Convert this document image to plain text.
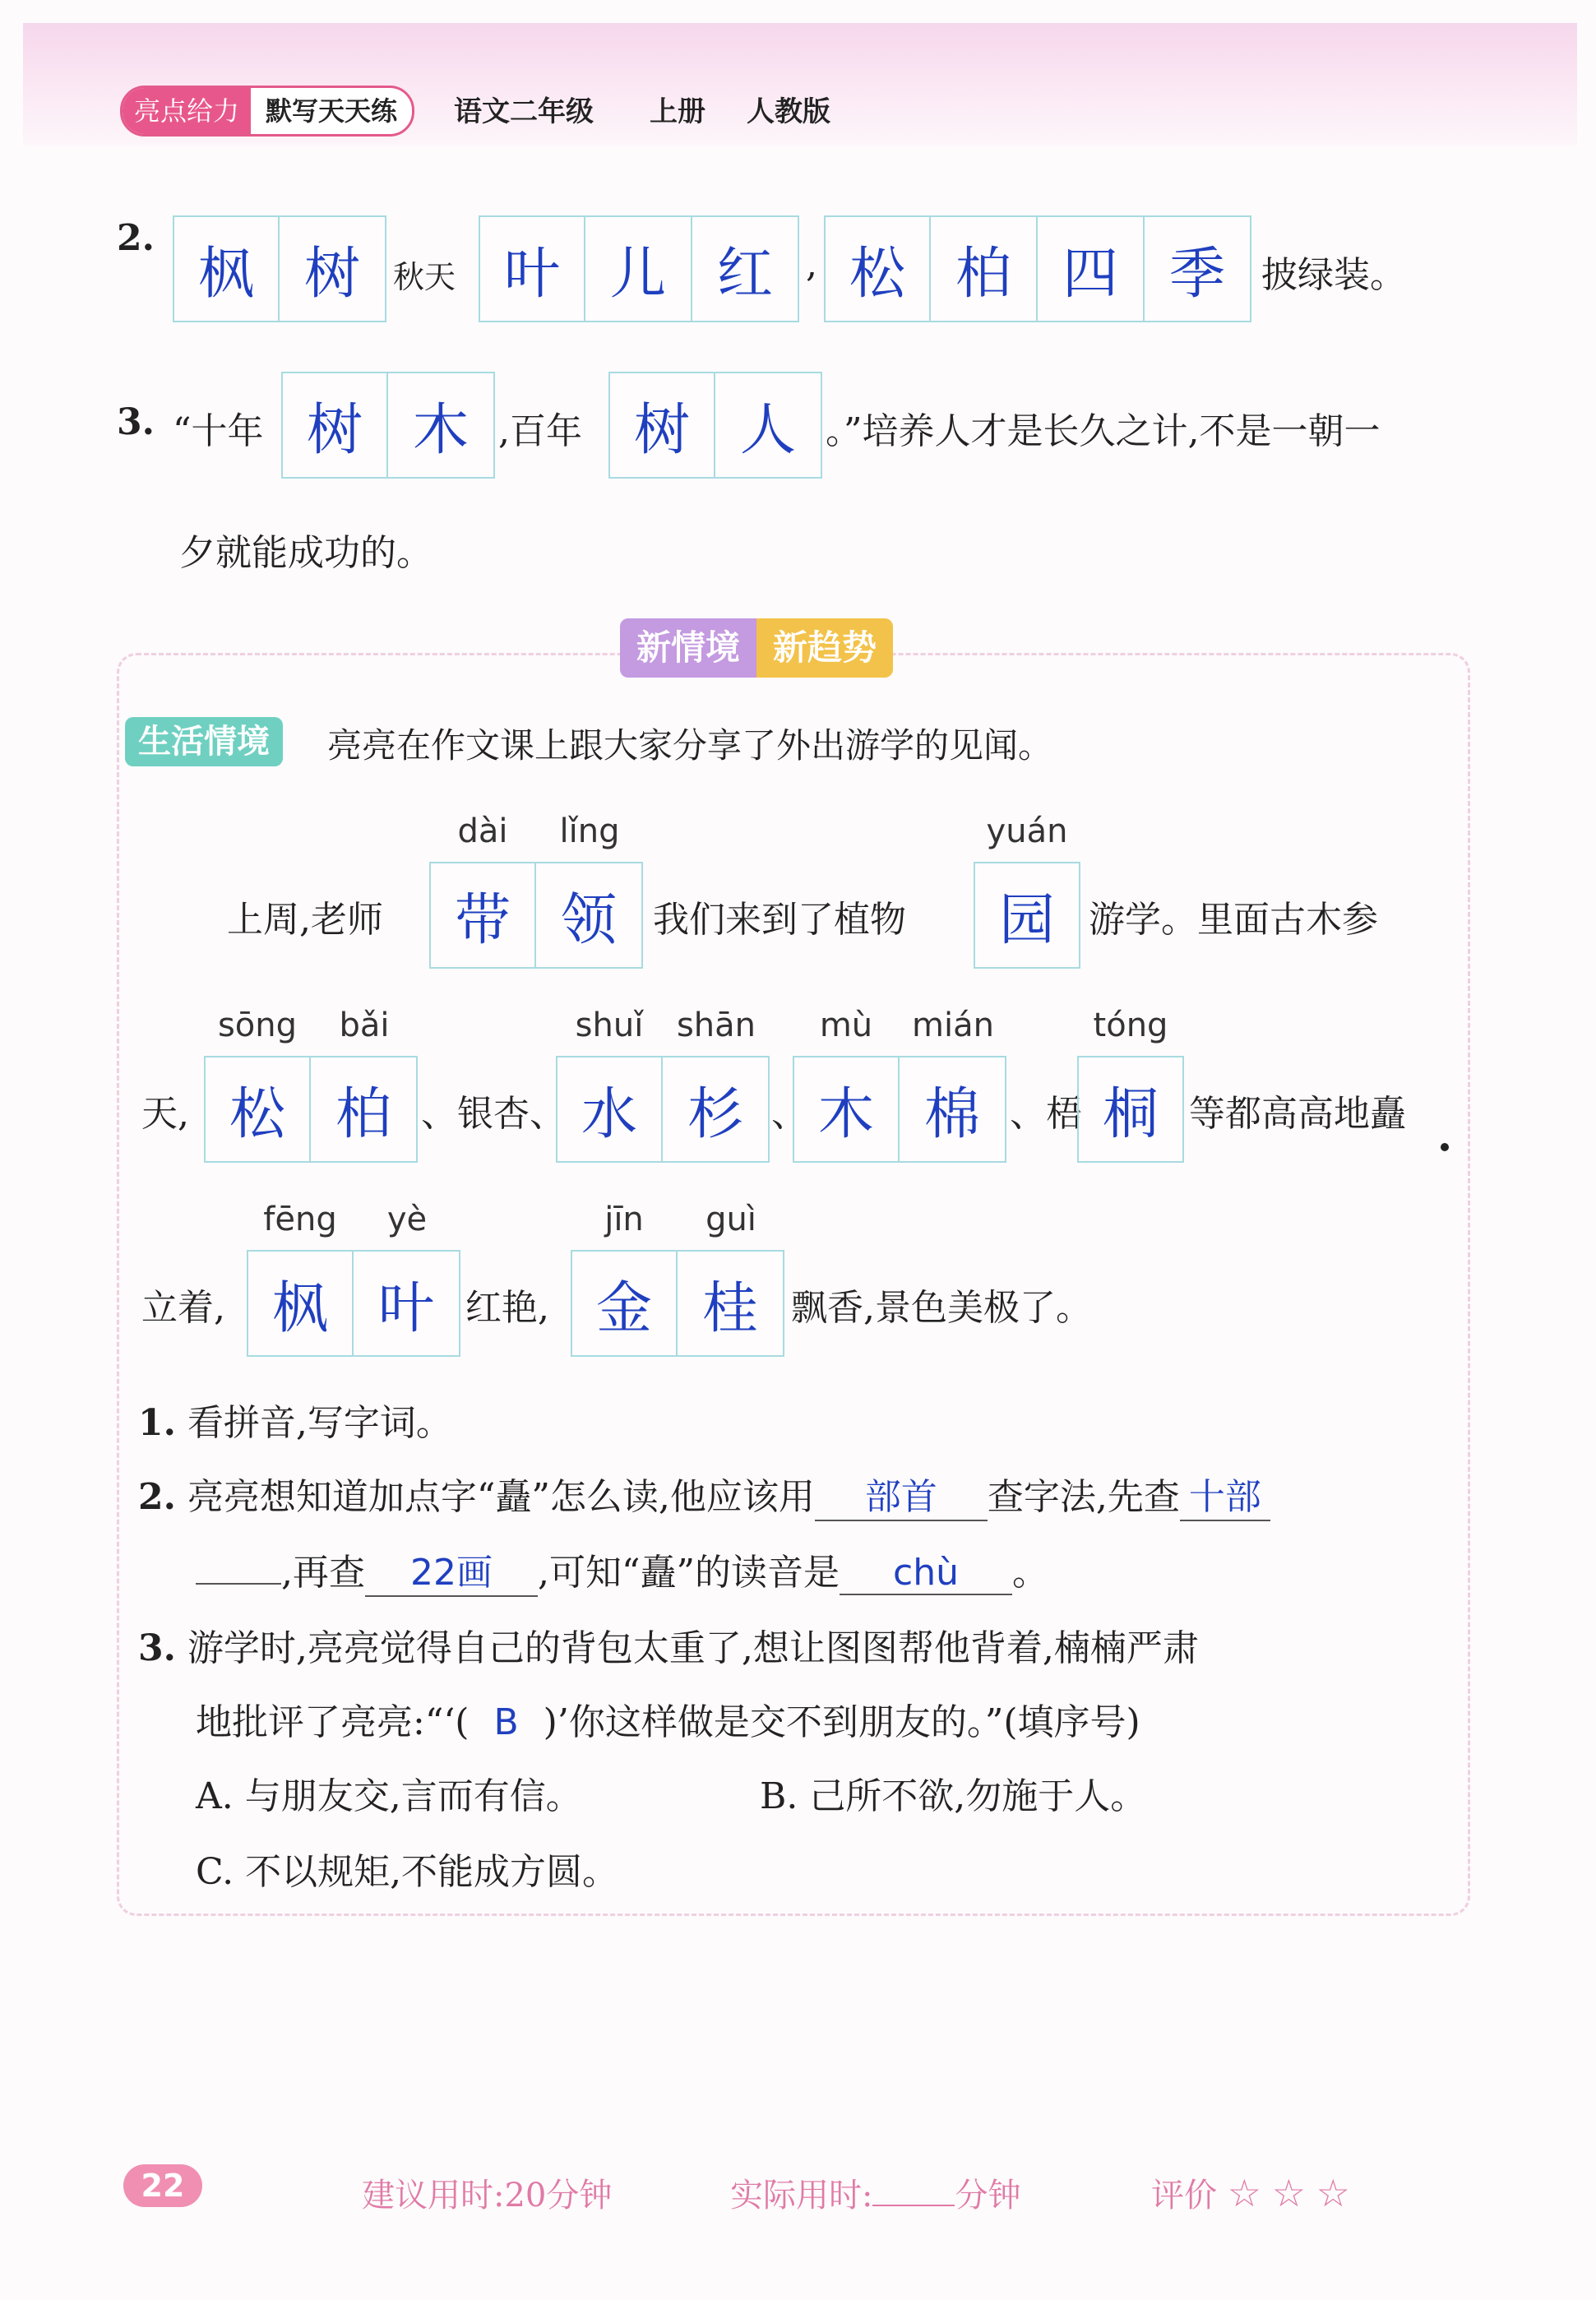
亮点给力	默写天天练	语文二年级 上册 人教版
2.
枫 树	秋天 叶 儿 红 , 松 柏 四 季	披绿装。
3. “十年 树 木 ,百年 树 人 。”培养人才是长久之计,不是一朝一
夕就能成功的。
新情境 新趋势
生活情境	亮亮在作文课上跟大家分享了外出游学的见闻。
dài	lǐng
上周,老师	带 领	我们来到了植物
yuán
园 游学。里面古木参
sōng	bǎi	shuǐ	shān	mù	mián	tóng
天, 松 柏 、银杏、 水 杉 、 木 棉 、梧 桐 等都高高地矗
fēng	yè	jīn	guì
立着, 枫 叶 红艳, 金 桂 飘香,景色美极了。
1. 看拼音,写字词。
2. 亮亮想知道加点字“矗”怎么读,他应该用 部首 查字法,先查 十部
,再查 22画 ,可知“矗”的读音是 chù 。
3. 游学时,亮亮觉得自己的背包太重了,想让图图帮他背着,楠楠严肃
地批评了亮亮:“‘( B )’你这样做是交不到朋友的。”(填序号)
A. 与朋友交,言而有信。	B. 己所不欲,勿施于人。
C. 不以规矩,不能成方圆。
22	建议用时:20分钟	实际用时:	分钟	评价 ☆ ☆ ☆
